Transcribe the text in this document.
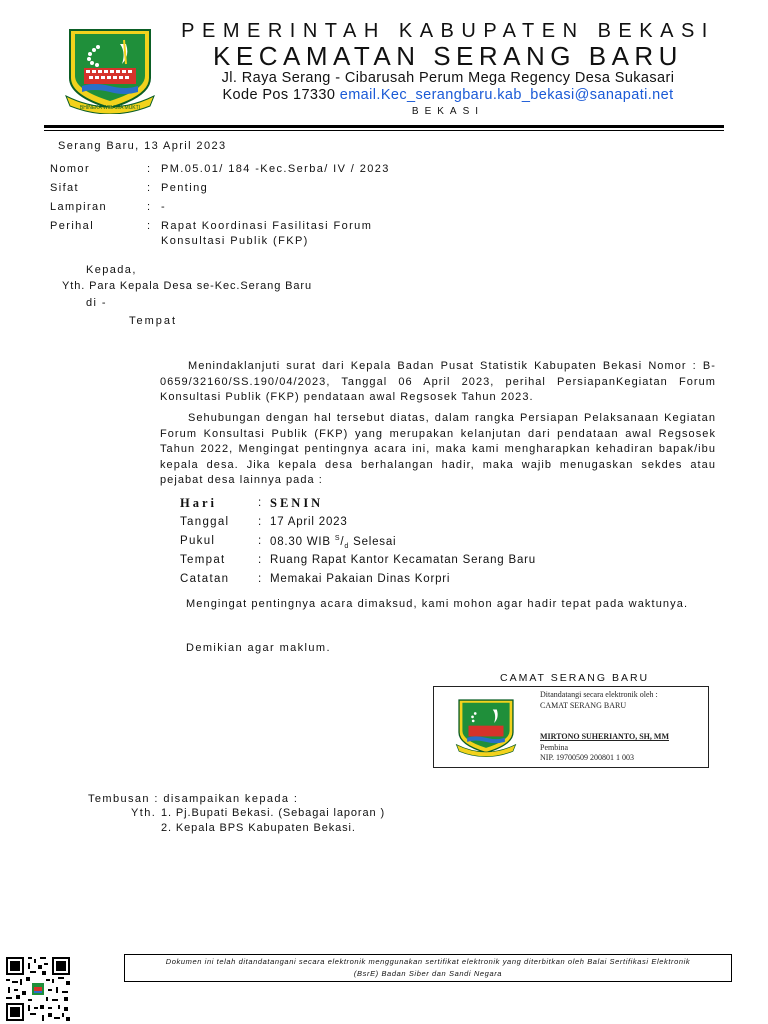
BHINEKA WIBAWA MUKTI
PEMERINTAH KABUPATEN BEKASI
KECAMATAN SERANG BARU
Jl. Raya Serang - Cibarusah Perum Mega Regency Desa Sukasari
Kode Pos 17330 email.Kec_serangbaru.kab_bekasi@sanapati.net
BEKASI
Serang Baru, 13 April 2023
Nomor	: PM.05.01/ 184 -Kec.Serba/ IV / 2023
Sifat	: Penting
Lampiran	: -
Perihal	: Rapat Koordinasi Fasilitasi Forum
Konsultasi Publik (FKP)
Kepada,
Yth. Para Kepala Desa se-Kec.Serang Baru
di -
Tempat
Menindaklanjuti surat dari Kepala Badan Pusat Statistik Kabupaten Bekasi Nomor : B-0659/32160/SS.190/04/2023, Tanggal 06 April 2023, perihal PersiapanKegiatan Forum Konsultasi Publik (FKP) pendataan awal Regsosek Tahun 2023.
Sehubungan dengan hal tersebut diatas, dalam rangka Persiapan Pelaksanaan Kegiatan Forum Konsultasi Publik (FKP) yang merupakan kelanjutan dari pendataan awal Regsosek Tahun 2022, Mengingat pentingnya acara ini, maka kami mengharapkan kehadiran bapak/ibu kepala desa. Jika kepala desa berhalangan hadir, maka wajib menugaskan sekdes atau pejabat desa lainnya pada :
Hari	: SENIN
Tanggal : 17 April 2023
Pukul	: 08.30 WIB $^S/_d$ Selesai
Tempat	: Ruang Rapat Kantor Kecamatan Serang Baru
Catatan : Memakai Pakaian Dinas Korpri
Mengingat pentingnya acara dimaksud, kami mohon agar hadir tepat pada waktunya.
Demikian agar maklum.
CAMAT SERANG BARU
Ditandatangi secara elektronik oleh :
CAMAT SERANG BARU
MIRTONO SUHERIANTO, SH, MM
Pembina
NIP. 19700509 200801 1 003
Tembusan : disampaikan kepada :
Yth. 1. Pj.Bupati Bekasi. (Sebagai laporan )
2. Kepala BPS Kabupaten Bekasi.
Dokumen ini telah ditandatangani secara elektronik menggunakan sertifikat elektronik yang diterbitkan oleh Balai Sertifikasi Elektronik
(BsrE) Badan Siber dan Sandi Negara
